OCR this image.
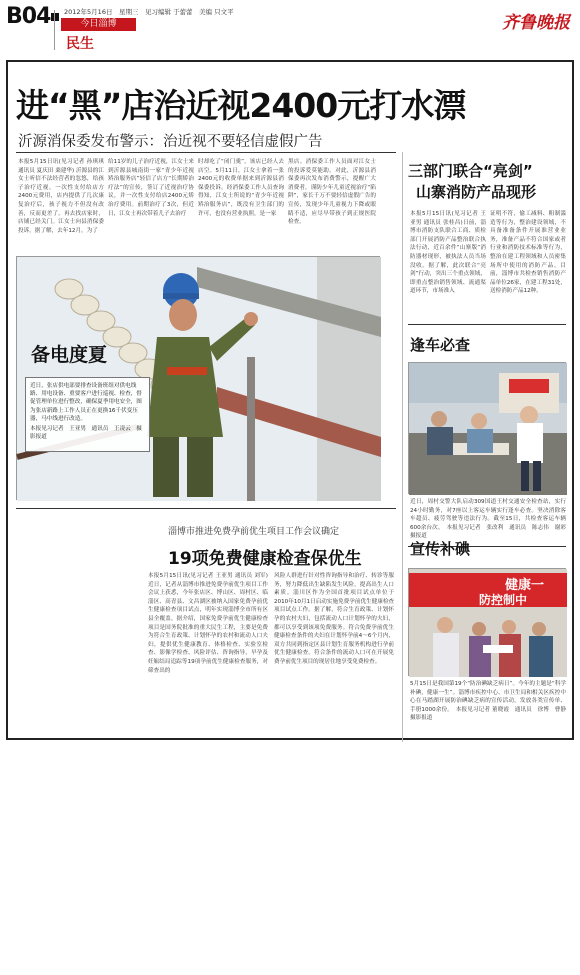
B04	2012年5月16日　星期三　见习编辑 于蕾蕾　美编 只文平
今日淄博
民生
齐鲁晚报
进“黑”店治近视2400元打水漂
沂源消保委发布警示：治近视不要轻信虚假广告
本报5月15日讯(见习记者 孙琪琪 通讯员 夏庆田 桑建华) 沂源县的江女士听信不法经营者的忽悠，给孩子治疗近视。一次性支付给店方2400元费用，店内提供了几次康复治疗后，孩子视力不但没有改善，反而更差了。再去找店家时，店铺已经关门。江女士向县消保委投诉。据了解，去年12月，为了
给11岁的儿子治疗近视，江女士来到沂源县城南街一家“青少年近视矫治服务店”轻信了店方“长期矫治疗法”的宣传，签订了近视治疗协议，并一次性支付给店2400元矫治疗费用。前期治疗了3次，但近日，江女士再次带着儿子去治疗
时却吃了“闭门羹”，该店已经人去店空。5月11日，江女士拿着一张2400元的收费单据来到沂源县消保委投诉。经消保委工作人员查询得知，江女士所说的“青少年近视矫治服务店”，既没有卫生部门的许可，也没有营业执照，是一家
黑店。消保委工作人员面对江女士的投诉爱莫能助。对此，沂源县消保委再次发布消费警示，提醒广大消费者，谨防少年儿童近视治疗“陷阱”，家长千万不要轻信虚假广告的宣传，发现少年儿童视力下降或眼睛不适，应尽早带孩子到正规医院检查。
三部门联合“亮剑”
山寨消防产品现形
本报5月15日讯(见习记者 王亚男 通讯员 张桂昌)日前，淄博市消防支队联合工商、质检部门开展消防产品整治联合执法行动，近百余件“山寨版”消防器材现形，被执法人员当场没收。据了解，此次联合“亮剑”行动，突出三个重点领域，即重点整治销售领域、流通渠道环节，市场准入
证明不符，偷工减料、粗制滥造等行为，整治建设领域，不具备准备条件开展准营业业务，准备产品不符合国家或者行业和消防技术标准等行为，整治在建工程领域和人员密集场所中使用的消防产品。目前，淄博市共检查销售消防产品单位26家，在建工程31处，送检消防产品12种。
逢车必查
近日，周村交警大队启动309国道王村交通安全检查站，实行24小时勤务，对7座以上客运车辆实行逢车必查。坚决消除客车超员、疲劳驾驶等违法行为。截至15日，共检查客运车辆600余台次。　本报见习记者　张改利　通讯员　陈志伟　谢彩摄报道
宣传补碘
健康一
防控制中
5月15日是我国第19个“防治碘缺乏病日”。今年的主题是“科学补碘，健康一生”。淄博市疾控中心、市卫生局和相关区疾控中心在马踏湖开展防治碘缺乏病的宣传活动，发放各类宣传单、手册1000余份。　本报见习记者 董晓霞　通讯员　徐博　曹静　摄影报道
备电度夏
近日，张店供电部要排查设备班组对供电线路、用电设备、重要客户进行巡视、检查，督促管理单位进行整改，确保夏季用电安全，图为张店新路上工作人员正在更换16千伏变压器，马中线进行改造。
本报见习记者　王亚男　通讯员　王凌云　摄影报道
淄博市推进免费孕前优生项目工作会议确定
19项免费健康检查保优生
本报5月15日讯(见习记者 王亚男 通讯员 刘军)近日，记者从淄博市推进免费孕前优生项目工作会议上获悉，今年张店区、博山区、周村区、临淄区、高青县、文昌湖区被纳入国家免费孕前优生健康检查项目试点，明年实现淄博全市所有区县全覆盖。据介绍，国家免费孕前优生健康检查项目是国务院批准的重大民生工程，主要是免费为符合生育政策、计划怀孕的农村和流动人口夫妇，提供优生健康教育、体格检查、实验室检查、影像学检查、风险评估、咨询指导，早孕及妊娠结局追踪等19项孕前优生健康检查服务，对筛查出的
风险人群进行针对性咨询指导和治疗、转诊等服务，努力降低出生缺陷发生风险，提高出生人口素质。淄川区作为全国首批项目试点单位于2010年10月1日启动实施免费孕前优生健康检查项目试点工作。据了解，符合生育政策、计划怀孕的农村夫妇，包括流动人口计划怀孕的夫妇，都可以享受到该项免费服务。符合免费孕前优生健康检查条件的夫妇在计划怀孕前4～6个月内，双方共同到指定区县计划生育服务机构进行孕前优生健康检查。符合条件的流动人口可在开展免费孕前优生项目的现居住地享受免费检查。
